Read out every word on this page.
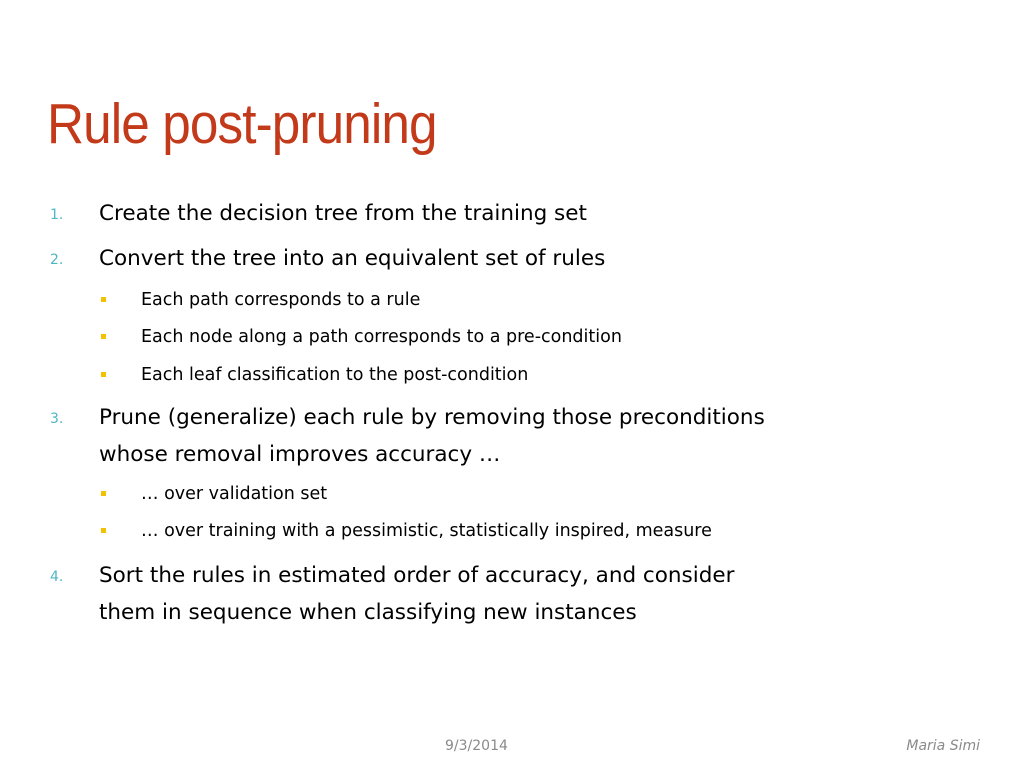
Rule post-pruning
1. Create the decision tree from the training set
2. Convert the tree into an equivalent set of rules
Each path corresponds to a rule
Each node along a path corresponds to a pre-condition
Each leaf classification to the post-condition
3. Prune (generalize) each rule by removing those preconditions
whose removal improves accuracy …
… over validation set
… over training with a pessimistic, statistically inspired, measure
4. Sort the rules in estimated order of accuracy, and consider
them in sequence when classifying new instances
9/3/2014	Maria Simi
